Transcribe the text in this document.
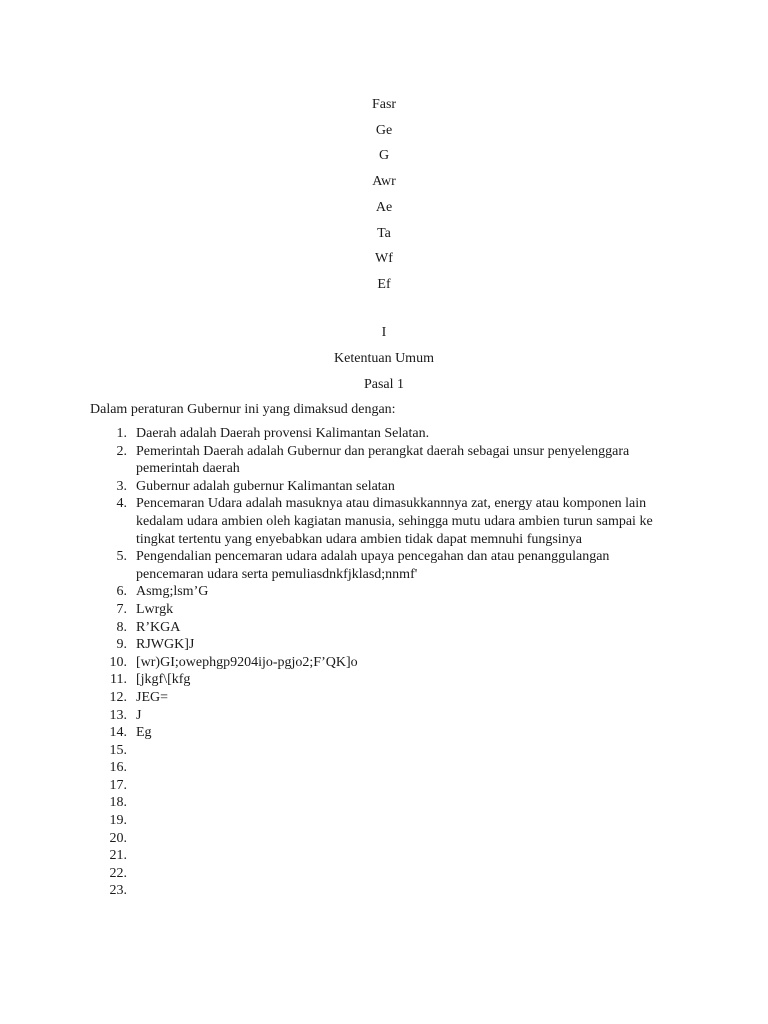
Fasr
Ge
G
Awr
Ae
Ta
Wf
Ef
I
Ketentuan Umum
Pasal 1
Dalam peraturan Gubernur ini yang dimaksud dengan:
1. Daerah adalah Daerah provensi Kalimantan Selatan.
2. Pemerintah Daerah adalah Gubernur dan perangkat daerah sebagai unsur penyelenggara pemerintah daerah
3. Gubernur adalah gubernur Kalimantan selatan
4. Pencemaran Udara adalah masuknya atau dimasukkannnya zat, energy atau komponen lain kedalam udara ambien oleh kagiatan manusia, sehingga mutu udara ambien turun sampai ke tingkat tertentu yang enyebabkan udara ambien tidak dapat memnuhi fungsinya
5. Pengendalian pencemaran udara adalah upaya pencegahan dan atau penanggulangan pencemaran udara serta pemuliasdnkfjklasd;nnmf'
6. Asmg;lsm’G
7. Lwrgk
8. R’KGA
9. RJWGK]J
10. [wr)GI;owephgp9204ijo-pgjo2;F’QK]o
11. [jkgf\[kfg
12. JEG=
13. J
14. Eg
15.

16.

17.

18.

19.

20.

21.

22.

23.
